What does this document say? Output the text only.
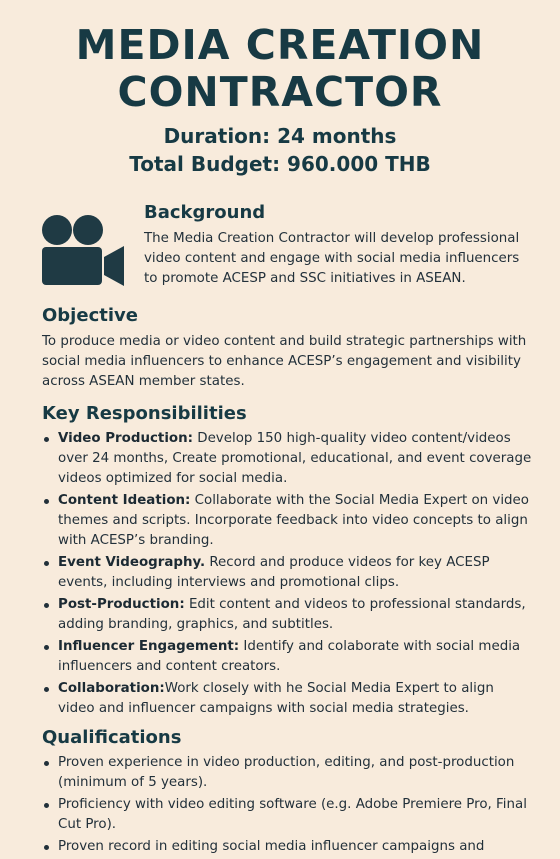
MEDIA CREATION CONTRACTOR
Duration: 24 months
Total Budget: 960.000 THB
Background

The Media Creation Contractor will develop professional video content and engage with social media influencers to promote ACESP and SSC initiatives in ASEAN.

Objective

To produce media or video content and build strategic partnerships with social media influencers to enhance ACESP’s engagement and visibility across ASEAN member states.

Key Responsibilities
Video Production: Develop 150 high-quality video content/videos over 24 months, Create promotional, educational, and event coverage videos optimized for social media.
Content Ideation: Collaborate with the Social Media Expert on video themes and scripts. Incorporate feedback into video concepts to align with ACESP’s branding.
Event Videography. Record and produce videos for key ACESP events, including interviews and promotional clips.
Post-Production: Edit content and videos to professional standards, adding branding, graphics, and subtitles.
Influencer Engagement: Identify and colaborate with social media influencers and content creators.
Collaboration:Work closely with he Social Media Expert to align video and influencer campaigns with social media strategies.
Qualifications
Proven experience in video production, editing, and post-production (minimum of 5 years).
Proficiency with video editing software (e.g. Adobe Premiere Pro, Final Cut Pro).
Proven record in editing social media influencer campaigns and
